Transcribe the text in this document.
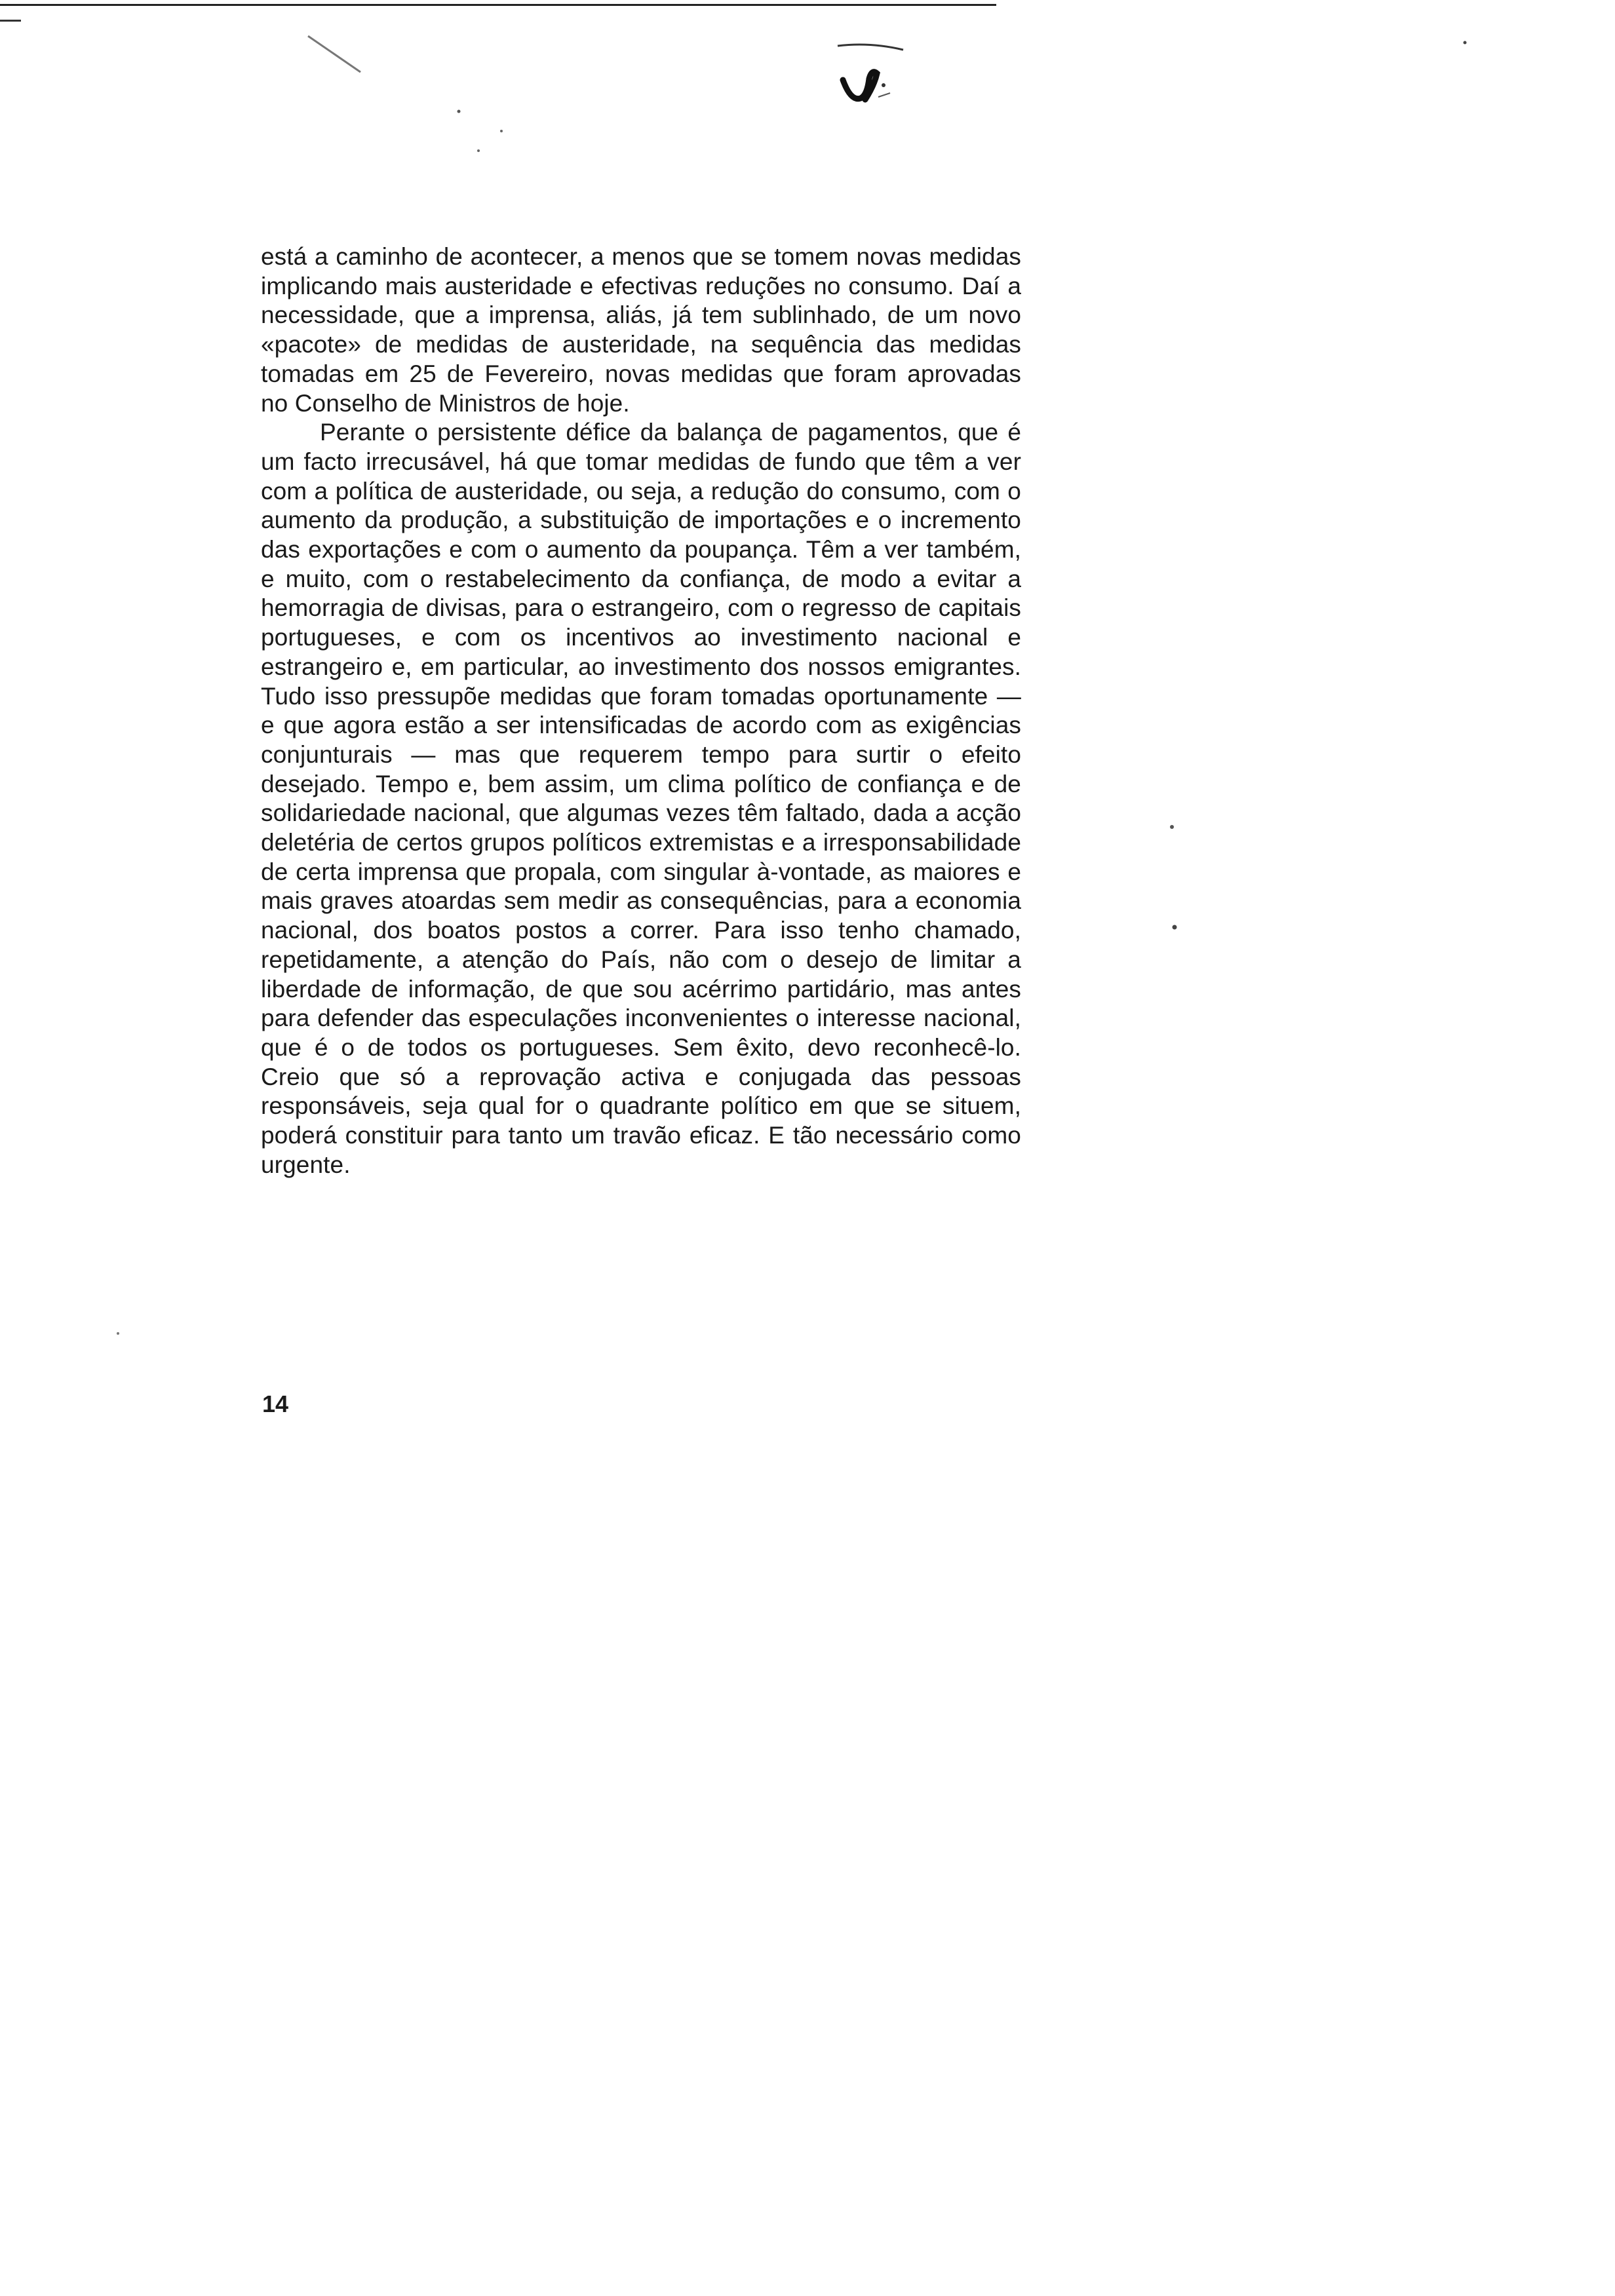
está a caminho de acontecer, a menos que se tomem novas medidas implicando mais austeridade e efectivas reduções no consumo. Daí a necessidade, que a imprensa, aliás, já tem sublinhado, de um novo «pacote» de medidas de austeridade, na sequência das medidas tomadas em 25 de Fevereiro, novas medidas que foram aprovadas no Conselho de Ministros de hoje.

Perante o persistente défice da balança de pagamentos, que é um facto irrecusável, há que tomar medidas de fundo que têm a ver com a política de austeridade, ou seja, a redução do consumo, com o aumento da produção, a substituição de importações e o incremento das exportações e com o aumento da poupança. Têm a ver também, e muito, com o restabelecimento da confiança, de modo a evitar a hemorragia de divisas, para o estrangeiro, com o regresso de capitais portugueses, e com os incentivos ao investimento nacional e estrangeiro e, em particular, ao investimento dos nossos emigrantes. Tudo isso pressupõe medidas que foram tomadas oportunamente — e que agora estão a ser intensificadas de acordo com as exigências conjunturais — mas que requerem tempo para surtir o efeito desejado. Tempo e, bem assim, um clima político de confiança e de solidariedade nacional, que algumas vezes têm faltado, dada a acção deletéria de certos grupos políticos extremistas e a irresponsabilidade de certa imprensa que propala, com singular à-vontade, as maiores e mais graves atoardas sem medir as consequências, para a economia nacional, dos boatos postos a correr. Para isso tenho chamado, repetidamente, a atenção do País, não com o desejo de limitar a liberdade de informação, de que sou acérrimo partidário, mas antes para defender das especulações inconvenientes o interesse nacional, que é o de todos os portugueses. Sem êxito, devo reconhecê-lo. Creio que só a reprovação activa e conjugada das pessoas responsáveis, seja qual for o quadrante político em que se situem, poderá constituir para tanto um travão eficaz. E tão necessário como urgente.

14
